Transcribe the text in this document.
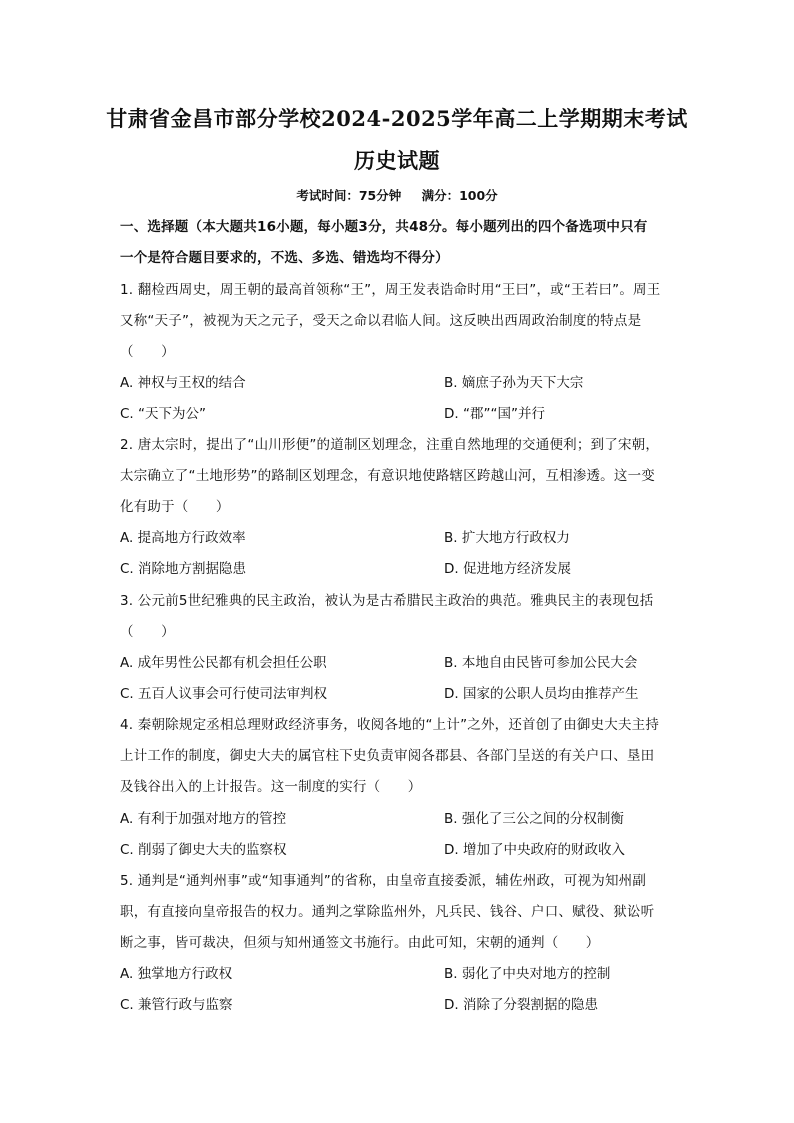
甘肃省金昌市部分学校2024-2025学年高二上学期期末考试
历史试题
考试时间：75分钟 满分：100分
一、选择题（本大题共16小题，每小题3分，共48分。每小题列出的四个备选项中只有
一个是符合题目要求的，不选、多选、错选均不得分）
1. 翻检西周史，周王朝的最高首领称“王”，周王发表诰命时用“王曰”，或“王若曰”。周王
又称“天子”，被视为天之元子，受天之命以君临人间。这反映出西周政治制度的特点是
（　　）
A. 神权与王权的结合	B. 嫡庶子孙为天下大宗
C. “天下为公”	D. “郡”“国”并行
2. 唐太宗时，提出了“山川形便”的道制区划理念，注重自然地理的交通便利；到了宋朝，
太宗确立了“土地形势”的路制区划理念，有意识地使路辖区跨越山河，互相渗透。这一变
化有助于（　　）
A. 提高地方行政效率	B. 扩大地方行政权力
C. 消除地方割据隐患	D. 促进地方经济发展
3. 公元前5世纪雅典的民主政治，被认为是古希腊民主政治的典范。雅典民主的表现包括
（　　）
A. 成年男性公民都有机会担任公职	B. 本地自由民皆可参加公民大会
C. 五百人议事会可行使司法审判权	D. 国家的公职人员均由推荐产生
4. 秦朝除规定丞相总理财政经济事务，收阅各地的“上计”之外，还首创了由御史大夫主持
上计工作的制度，御史大夫的属官柱下史负责审阅各郡县、各部门呈送的有关户口、垦田
及钱谷出入的上计报告。这一制度的实行（　　）
A. 有利于加强对地方的管控	B. 强化了三公之间的分权制衡
C. 削弱了御史大夫的监察权	D. 增加了中央政府的财政收入
5. 通判是“通判州事”或“知事通判”的省称，由皇帝直接委派，辅佐州政，可视为知州副
职，有直接向皇帝报告的权力。通判之掌除监州外，凡兵民、钱谷、户口、赋役、狱讼听
断之事，皆可裁决，但须与知州通签文书施行。由此可知，宋朝的通判（　　）
A. 独掌地方行政权	B. 弱化了中央对地方的控制
C. 兼管行政与监察	D. 消除了分裂割据的隐患
